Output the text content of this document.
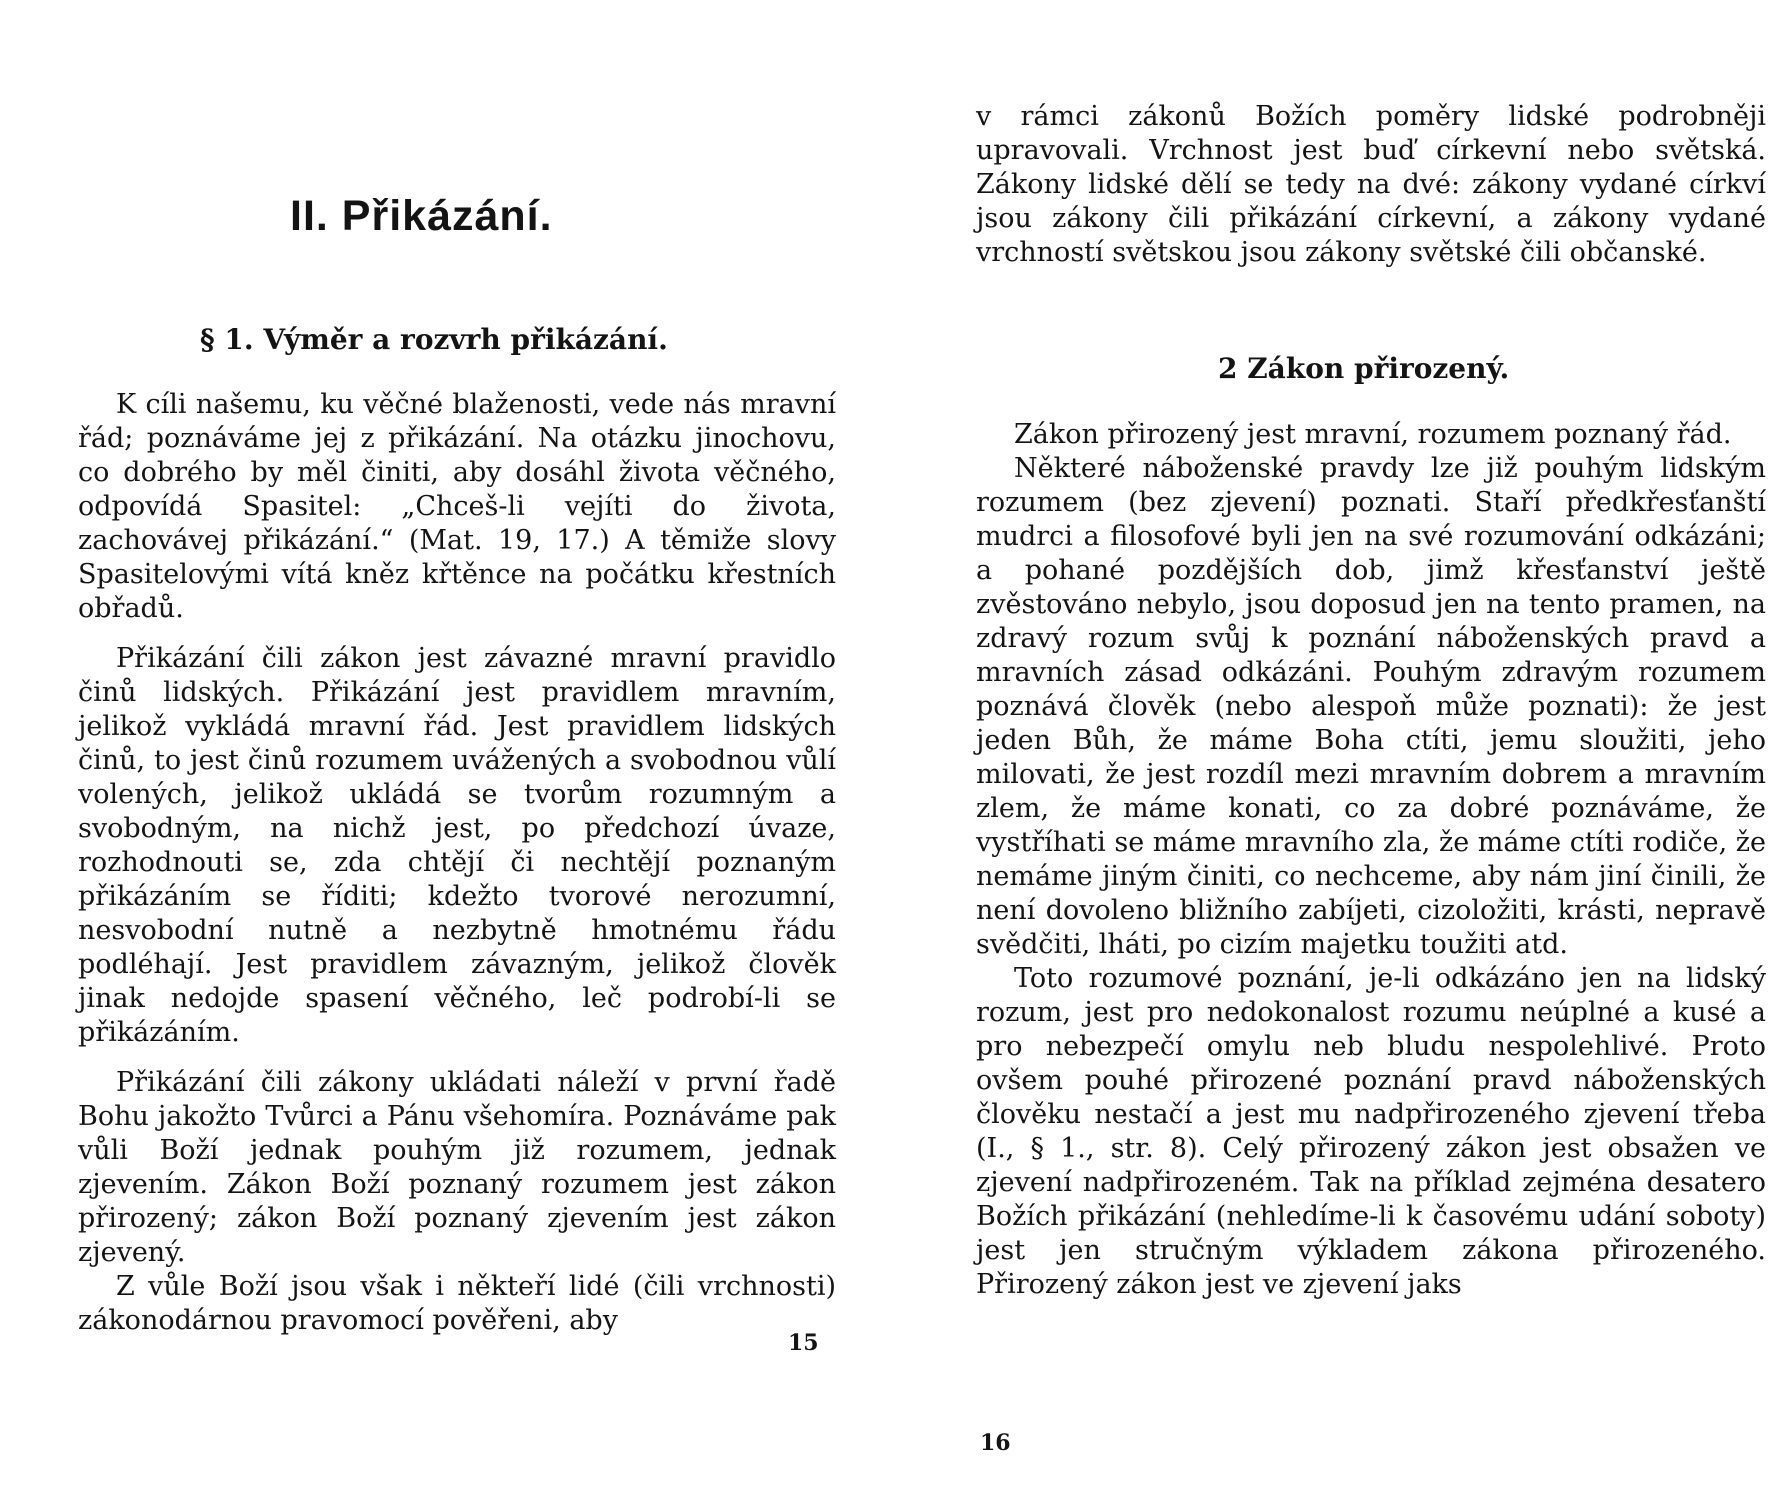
II. Přikázání.
§ 1. Výměr a rozvrh přikázání.

K cíli našemu, ku věčné blaženosti, vede nás mravní řád; poznáváme jej z přikázání. Na otázku jinochovu, co dobrého by měl činiti, aby dosáhl života věčného, odpovídá Spasitel: „Chceš-li vejíti do života, zachovávej přikázání.“ (Mat. 19, 17.) A těmiže slovy Spasitelovými vítá kněz křtěnce na počátku křestních obřadů.

Přikázání čili zákon jest závazné mravní pravidlo činů lidských. Přikázání jest pravidlem mravním, jelikož vykládá mravní řád. Jest pravidlem lidských činů, to jest činů rozumem uvážených a svobodnou vůlí volených, jelikož ukládá se tvorům rozumným a svobodným, na nichž jest, po předchozí úvaze, rozhodnouti se, zda chtějí či nechtějí poznaným přikázáním se říditi; kdežto tvorové nerozumní, nesvobodní nutně a nezbytně hmotnému řádu podléhají. Jest pravidlem závazným, jelikož člověk jinak nedojde spasení věčného, leč podrobí-li se přikázáním.

Přikázání čili zákony ukládati náleží v první řadě Bohu jakožto Tvůrci a Pánu všehomíra. Poznáváme pak vůli Boží jednak pouhým již rozumem, jednak zjevením. Zákon Boží poznaný rozumem jest zákon přirozený; zákon Boží poznaný zjevením jest zákon zjevený.

Z vůle Boží jsou však i někteří lidé (čili vrchnosti) zákonodárnou pravomocí pověřeni, aby

15

v rámci zákonů Božích poměry lidské podrobněji upravovali. Vrchnost jest buď církevní nebo světská. Zákony lidské dělí se tedy na dvé: zákony vydané církví jsou zákony čili přikázání církevní, a zákony vydané vrchností světskou jsou zákony světské čili občanské.

2 Zákon přirozený.

Zákon přirozený jest mravní, rozumem poznaný řád.

Některé náboženské pravdy lze již pouhým lidským rozumem (bez zjevení) poznati. Staří předkřesťanští mudrci a filosofové byli jen na své rozumování odkázáni; a pohané pozdějších dob, jimž křesťanství ještě zvěstováno nebylo, jsou doposud jen na tento pramen, na zdravý rozum svůj k poznání náboženských pravd a mravních zásad odkázáni. Pouhým zdravým rozumem poznává člověk (nebo alespoň může poznati): že jest jeden Bůh, že máme Boha ctíti, jemu sloužiti, jeho milovati, že jest rozdíl mezi mravním dobrem a mravním zlem, že máme konati, co za dobré poznáváme, že vystříhati se máme mravního zla, že máme ctíti rodiče, že nemáme jiným činiti, co nechceme, aby nám jiní činili, že není dovoleno bližního zabíjeti, cizoložiti, krásti, nepravě svědčiti, lháti, po cizím majetku toužiti atd.

Toto rozumové poznání, je-li odkázáno jen na lidský rozum, jest pro nedokonalost rozumu neúplné a kusé a pro nebezpečí omylu neb bludu nespolehlivé. Proto ovšem pouhé přirozené poznání pravd náboženských člověku nestačí a jest mu nadpřirozeného zjevení třeba (I., § 1., str. 8). Celý přirozený zákon jest obsažen ve zjevení nadpřirozeném. Tak na příklad zejména desatero Božích přikázání (nehledíme-li k časovému udání soboty) jest jen stručným výkladem zákona přirozeného. Přirozený zákon jest ve zjevení jaks

16
